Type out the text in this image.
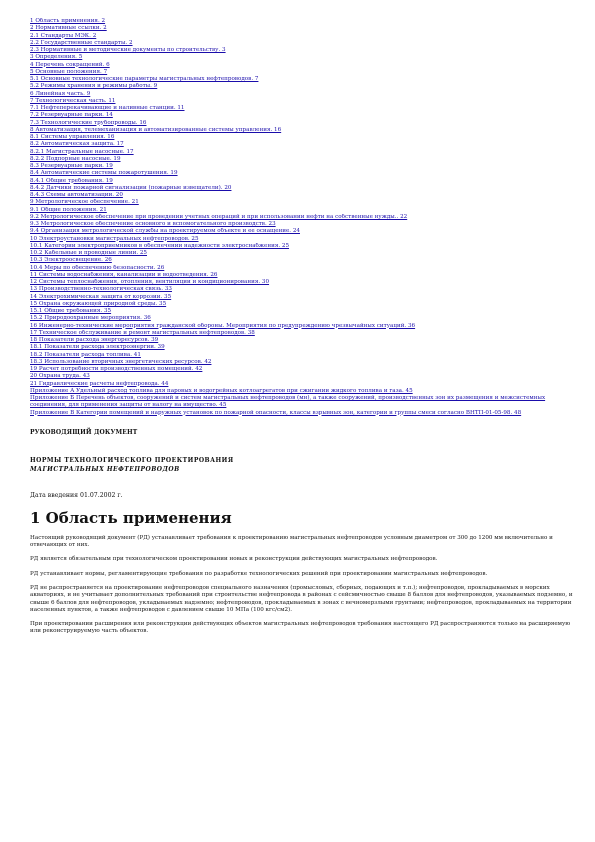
1 Область применения. 2
2 Нормативные ссылки. 2
2.1 Стандарты МЭК. 2
2.2 Государственные стандарты. 2
2.3 Нормативные и методические документы по строительству. 3
3 Определения. 5
4 Перечень сокращений. 6
5 Основные положения. 7
5.1 Основные технологические параметры магистральных нефтепроводов. 7
5.2 Режимы хранения и режимы работы. 9
6 Линейная часть. 9
7 Технологическая часть. 11
7.1 Нефтеперекачивающие и наливные станции. 11
7.2 Резервуарные парки. 14
7.3 Технологические трубопроводы. 16
8 Автоматизация, телемеханизация и автоматизированные системы управления. 16
8.1 Системы управления. 16
8.2 Автоматическая защита. 17
8.2.1 Магистральные насосные. 17
8.2.2 Подпорные насосные. 19
8.3 Резервуарные парки. 19
8.4 Автоматические системы пожаротушения. 19
8.4.1 Общие требования. 19
8.4.2 Датчики пожарной сигнализации (пожарные извещатели). 20
8.4.3 Схемы автоматизации. 20
9 Метрологическое обеспечение. 21
9.1 Общие положения. 21
9.2 Метрологическое обеспечение при проведении учетных операций и при использовании нефти на собственные нужды.. 22
9.3 Метрологическое обеспечение основного и вспомогательного производств. 23
9.4 Организация метрологической службы на проектируемом объекте и ее оснащение. 24
10 Электроустановки магистральных нефтепроводов. 25
10.1 Категории электроприемников в обеспечении надежности электроснабжения. 25
10.2 Кабельные и проводные линии. 25
10.3 Электроосвещение. 26
10.4 Меры по обеспечению безопасности. 26
11 Системы водоснабжения, канализации и водоотведения. 26
12 Системы теплоснабжения, отопления, вентиляции и кондиционирования. 30
13 Производственно-технологическая связь. 33
14 Электрохимическая защита от коррозии. 35
15 Охрана окружающей природной среды. 35
15.1 Общие требования. 35
15.2 Природоохранные мероприятия. 36
16 Инженерно-технические мероприятия гражданской обороны. Мероприятия по предупреждению чрезвычайных ситуаций. 36
17 Техническое обслуживание и ремонт магистральных нефтепроводов. 38
18 Показатели расхода энергоресурсов. 39
18.1 Показатели расхода электроэнергии. 39
18.2 Показатели расхода топлива. 41
18.3 Использование вторичных энергетических ресурсов. 42
19 Расчет потребности производственных помещений. 42
20 Охрана труда. 43
21 Гидравлические расчеты нефтепровода. 44
Приложение А Удельный расход топлива для паровых и водогрейных котлоагрегатов при сжигании жидкого топлива и газа. 45
Приложение Б Перечень объектов, сооружений и систем магистральных нефтепроводов (мн), а также сооружений, производственных зон их размещения и межсистемных соединения, для применения защиты от налогу на имущество. 45
Приложение В Категории помещений и наружных установок по пожарной опасности, классы взрывных зон, категории и группы смеси согласно ВНТП-01-05-98. 48
РУКОВОДЯЩИЙ ДОКУМЕНТ
НОРМЫ ТЕХНОЛОГИЧЕСКОГО ПРОЕКТИРОВАНИЯ
МАГИСТРАЛЬНЫХ НЕФТЕПРОВОДОВ
Дата введения 01.07.2002 г.
1 Область применения

Настоящий руководящий документ (РД) устанавливает требования к проектированию магистральных нефтепроводов условным диаметром от 300 до 1200 мм включительно и отвечающих от них.

РД является обязательным при технологическом проектировании новых и реконструкции действующих магистральных нефтепроводов.

РД устанавливает нормы, регламентирующие требования по разработке технологических решений при проектировании магистральных нефтепроводов.

РД не распространяется на проектирование нефтепроводов специального назначения (промысловых, сборных, подающих и т.п.); нефтепроводов, прокладываемых в морских акваториях, и не учитывает дополнительных требований при строительстве нефтепровода в районах с сейсмичностью свыше 8 баллов для нефтепроводов, указываемых подземно, и свыше 6 баллов для нефтепроводов, укладываемых надземно; нефтепроводов, прокладываемых в зонах с вечномерзлыми грунтами; нефтепроводов, прокладываемых на территории населенных пунктов, а также нефтепроводов с давлением свыше 10 МПа (100 кгс/см2).

При проектировании расширения или реконструкции действующих объектов магистральных нефтепроводов требования настоящего РД распространяются только на расширяемую или реконструируемую часть объектов.
